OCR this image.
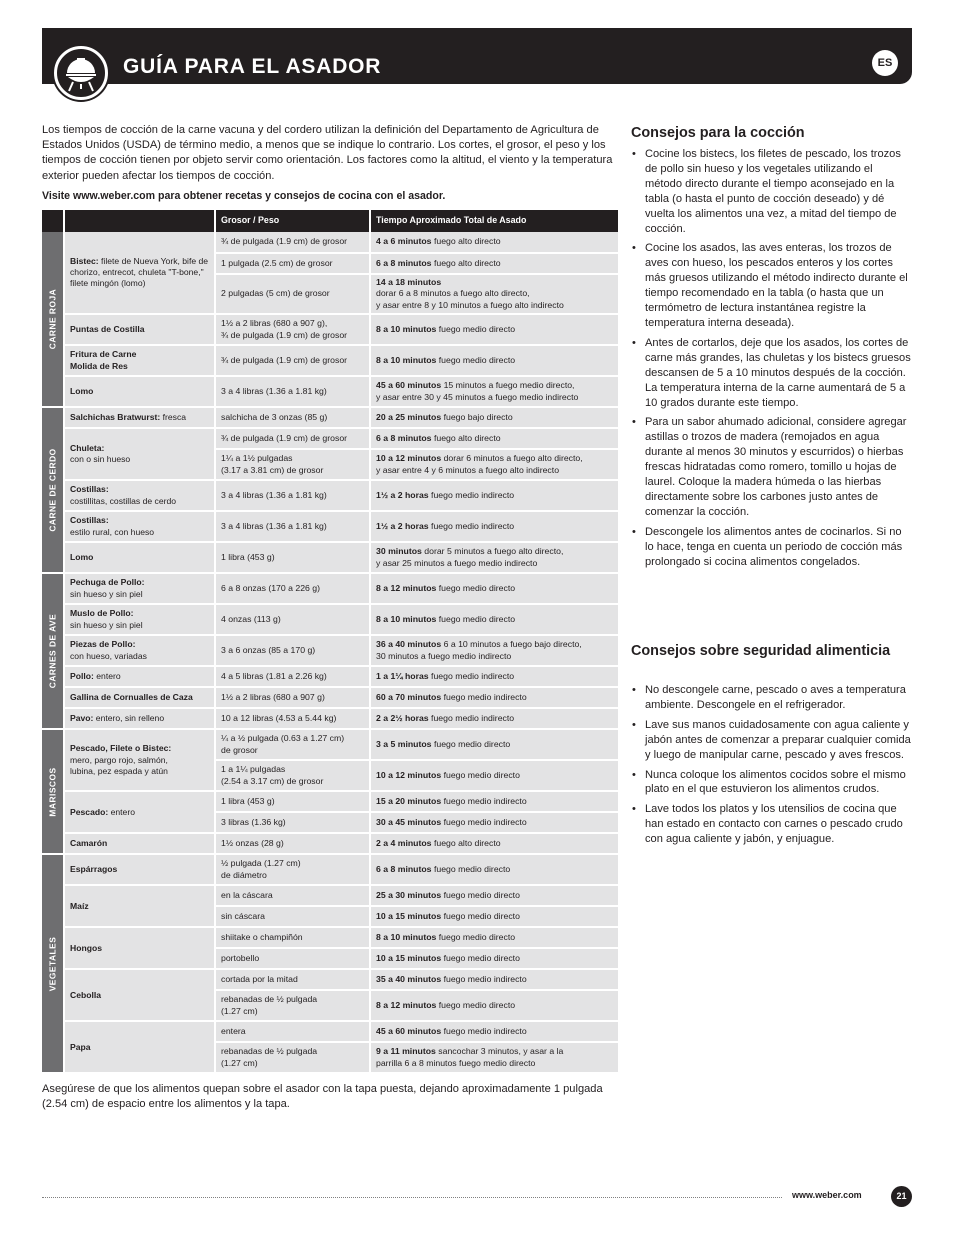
GUÍA PARA EL ASADOR	ES

Los tiempos de cocción de la carne vacuna y del cordero utilizan la definición del Departamento de Agricultura de Estados Unidos (USDA) de término medio, a menos que se indique lo contrario. Los cortes, el grosor, el peso y los tiempos de cocción tienen por objeto servir como orientación. Los factores como la altitud, el viento y la temperatura exterior pueden afectar los tiempos de cocción.

Visite www.weber.com para obtener recetas y consejos de cocina con el asador.

		Grosor / Peso	Tiempo Aproximado Total de Asado

CARNE ROJA	Bistec: filete de Nueva York, bife de chorizo, entrecot, chuleta "T-bone," filete mingón (lomo)	¾ de pulgada (1.9 cm) de grosor	4 a 6 minutos fuego alto directo
		1 pulgada (2.5 cm) de grosor	6 a 8 minutos fuego alto directo
		2 pulgadas (5 cm) de grosor	14 a 18 minutos
dorar 6 a 8 minutos a fuego alto directo,
y asar entre 8 y 10 minutos a fuego alto indirecto
	Puntas de Costilla	1½ a 2 libras (680 a 907 g),
¾ de pulgada (1.9 cm) de grosor	8 a 10 minutos fuego medio directo
	Fritura de Carne
Molida de Res	¾ de pulgada (1.9 cm) de grosor	8 a 10 minutos fuego medio directo
	Lomo	3 a 4 libras (1.36 a 1.81 kg)	45 a 60 minutos 15 minutos a fuego medio directo,
y asar entre 30 y 45 minutos a fuego medio indirecto

CARNE DE CERDO	Salchichas Bratwurst: fresca	salchicha de 3 onzas (85 g)	20 a 25 minutos fuego bajo directo
	Chuleta:
con o sin hueso	¾ de pulgada (1.9 cm) de grosor	6 a 8 minutos fuego alto directo
		1¼ a 1½ pulgadas
(3.17 a 3.81 cm) de grosor	10 a 12 minutos dorar 6 minutos a fuego alto directo,
y asar entre 4 y 6 minutos a fuego alto indirecto
	Costillas:
costillitas, costillas de cerdo	3 a 4 libras (1.36 a 1.81 kg)	1½ a 2 horas fuego medio indirecto
	Costillas:
estilo rural, con hueso	3 a 4 libras (1.36 a 1.81 kg)	1½ a 2 horas fuego medio indirecto
	Lomo	1 libra (453 g)	30 minutos dorar 5 minutos a fuego alto directo,
y asar 25 minutos a fuego medio indirecto

CARNES DE AVE	Pechuga de Pollo:
sin hueso y sin piel	6 a 8 onzas (170 a 226 g)	8 a 12 minutos fuego medio directo
	Muslo de Pollo:
sin hueso y sin piel	4 onzas (113 g)	8 a 10 minutos fuego medio directo
	Piezas de Pollo:
con hueso, variadas	3 a 6 onzas (85 a 170 g)	36 a 40 minutos 6 a 10 minutos a fuego bajo directo,
30 minutos a fuego medio indirecto
	Pollo: entero	4 a 5 libras (1.81 a 2.26 kg)	1 a 1¼ horas fuego medio indirecto
	Gallina de Cornualles de Caza	1½ a 2 libras (680 a 907 g)	60 a 70 minutos fuego medio indirecto
	Pavo: entero, sin relleno	10 a 12 libras (4.53 a 5.44 kg)	2 a 2½ horas fuego medio indirecto

MARISCOS	Pescado, Filete o Bistec:
mero, pargo rojo, salmón,
lubina, pez espada y atún	¼ a ½ pulgada (0.63 a 1.27 cm)
de grosor	3 a 5 minutos fuego medio directo
		1 a 1¼ pulgadas
(2.54 a 3.17 cm) de grosor	10 a 12 minutos fuego medio directo
	Pescado: entero	1 libra (453 g)	15 a 20 minutos fuego medio indirecto
		3 libras (1.36 kg)	30 a 45 minutos fuego medio indirecto
	Camarón	1½ onzas (28 g)	2 a 4 minutos fuego alto directo

VEGETALES	Espárragos	½ pulgada (1.27 cm)
de diámetro	6 a 8 minutos fuego medio directo
	Maíz	en la cáscara	25 a 30 minutos fuego medio directo
		sin cáscara	10 a 15 minutos fuego medio directo
	Hongos	shiitake o champiñón	8 a 10 minutos fuego medio directo
		portobello	10 a 15 minutos fuego medio directo
	Cebolla	cortada por la mitad	35 a 40 minutos fuego medio indirecto
		rebanadas de ½ pulgada
(1.27 cm)	8 a 12 minutos fuego medio directo
	Papa	entera	45 a 60 minutos fuego medio indirecto
		rebanadas de ½ pulgada
(1.27 cm)	9 a 11 minutos sancochar 3 minutos, y asar a la
parrilla 6 a 8 minutos fuego medio directo
Consejos para la cocción
• Cocine los bistecs, los filetes de pescado, los trozos de pollo sin hueso y los vegetales utilizando el método directo durante el tiempo aconsejado en la tabla (o hasta el punto de cocción deseado) y dé vuelta los alimentos una vez, a mitad del tiempo de cocción.
• Cocine los asados, las aves enteras, los trozos de aves con hueso, los pescados enteros y los cortes más gruesos utilizando el método indirecto durante el tiempo recomendado en la tabla (o hasta que un termómetro de lectura instantánea registre la temperatura interna deseada).
• Antes de cortarlos, deje que los asados, los cortes de carne más grandes, las chuletas y los bistecs gruesos descansen de 5 a 10 minutos después de la cocción. La temperatura interna de la carne aumentará de 5 a 10 grados durante este tiempo.
• Para un sabor ahumado adicional, considere agregar astillas o trozos de madera (remojados en agua durante al menos 30 minutos y escurridos) o hierbas frescas hidratadas como romero, tomillo u hojas de laurel. Coloque la madera húmeda o las hierbas directamente sobre los carbones justo antes de comenzar la cocción.
• Descongele los alimentos antes de cocinarlos. Si no lo hace, tenga en cuenta un periodo de cocción más prolongado si cocina alimentos congelados.
Consejos sobre seguridad alimenticia
• No descongele carne, pescado o aves a temperatura ambiente. Descongele en el refrigerador.
• Lave sus manos cuidadosamente con agua caliente y jabón antes de comenzar a preparar cualquier comida y luego de manipular carne, pescado y aves frescos.
• Nunca coloque los alimentos cocidos sobre el mismo plato en el que estuvieron los alimentos crudos.
• Lave todos los platos y los utensilios de cocina que han estado en contacto con carnes o pescado crudo con agua caliente y jabón, y enjuague.

Asegúrese de que los alimentos quepan sobre el asador con la tapa puesta, dejando aproximadamente 1 pulgada (2.54 cm) de espacio entre los alimentos y la tapa.

www.weber.com	21
